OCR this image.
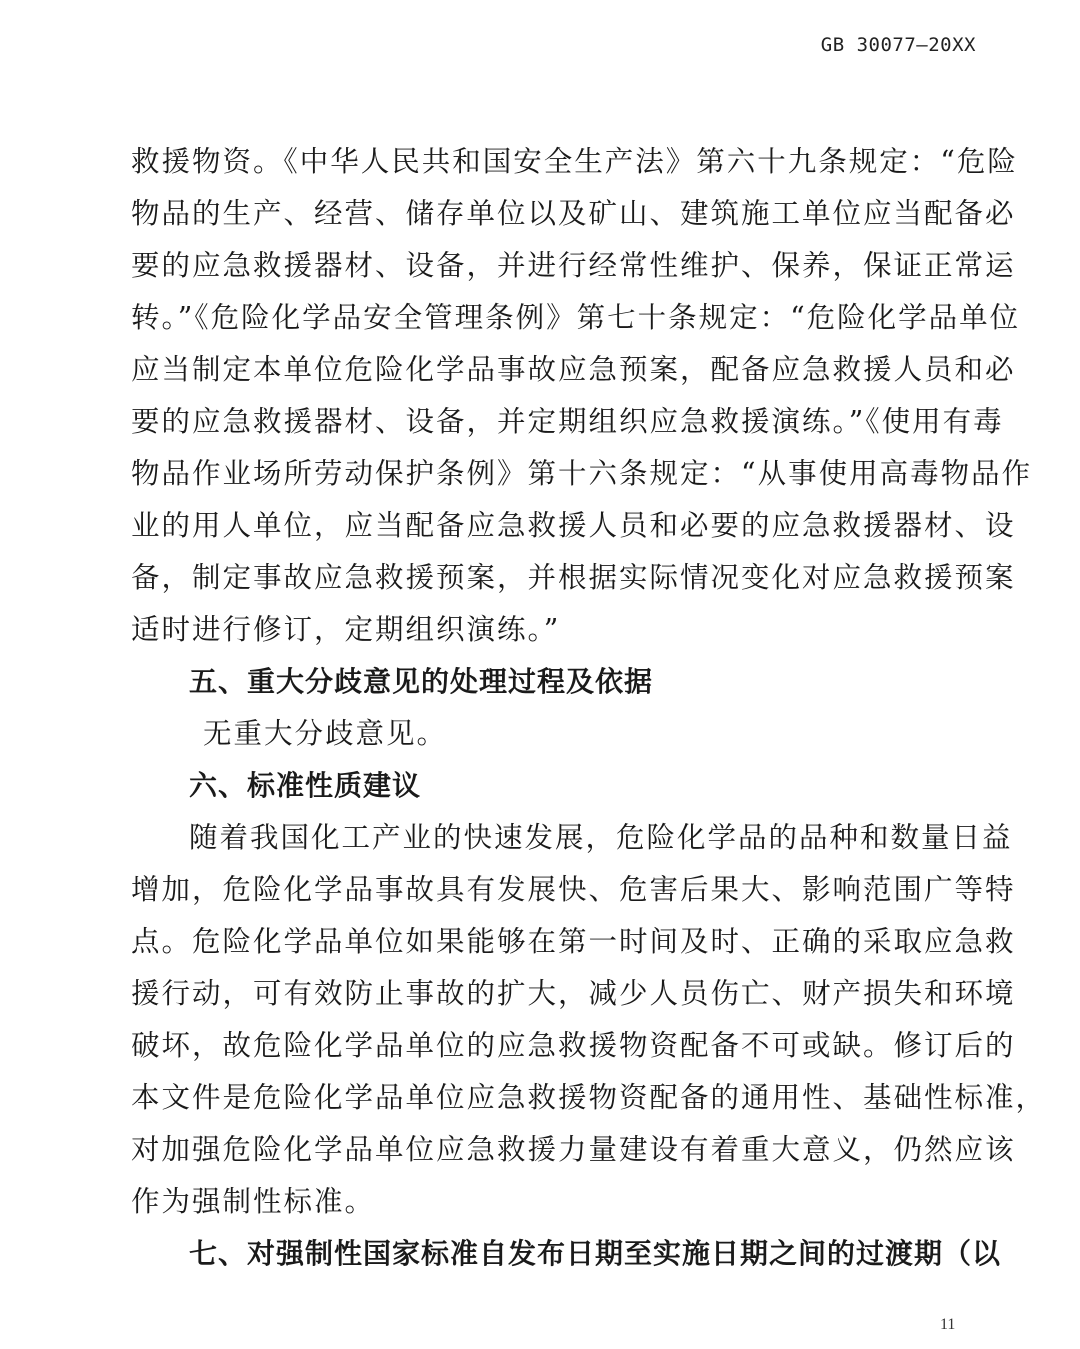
GB 30077—20XX
救援物资。《中华人民共和国安全生产法》第六十九条规定：“危险
物品的生产、经营、储存单位以及矿山、建筑施工单位应当配备必
要的应急救援器材、设备，并进行经常性维护、保养，保证正常运
转。”《危险化学品安全管理条例》第七十条规定：“危险化学品单位
应当制定本单位危险化学品事故应急预案，配备应急救援人员和必
要的应急救援器材、设备，并定期组织应急救援演练。”《使用有毒
物品作业场所劳动保护条例》第十六条规定：“从事使用高毒物品作
业的用人单位，应当配备应急救援人员和必要的应急救援器材、设
备，制定事故应急救援预案，并根据实际情况变化对应急救援预案
适时进行修订，定期组织演练。”
五、重大分歧意见的处理过程及依据
无重大分歧意见。
六、标准性质建议
随着我国化工产业的快速发展，危险化学品的品种和数量日益
增加，危险化学品事故具有发展快、危害后果大、影响范围广等特
点。危险化学品单位如果能够在第一时间及时、正确的采取应急救
援行动，可有效防止事故的扩大，减少人员伤亡、财产损失和环境
破坏，故危险化学品单位的应急救援物资配备不可或缺。修订后的
本文件是危险化学品单位应急救援物资配备的通用性、基础性标准，
对加强危险化学品单位应急救援力量建设有着重大意义，仍然应该
作为强制性标准。
七、对强制性国家标准自发布日期至实施日期之间的过渡期（以
11
